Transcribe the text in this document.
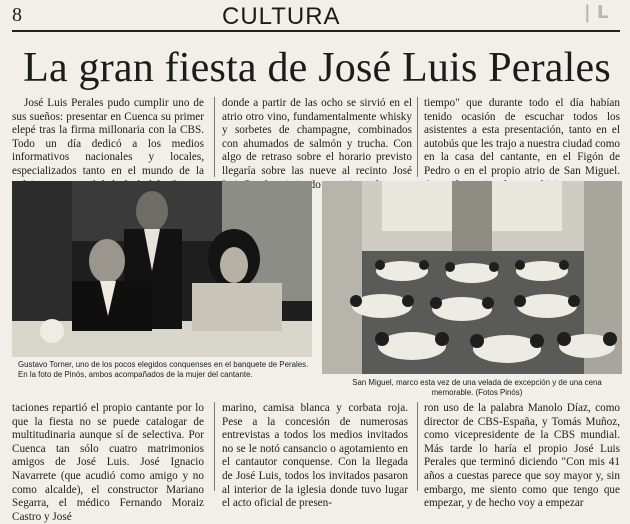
8	CULTURA	| L
La gran fiesta de José Luis Perales

José Luis Perales pudo cumplir uno de sus sueños: presentar en Cuenca su primer elepé tras la firma millonaria con la CBS. Todo un día dedicó a los medios informativos nacionales y locales, especializados tanto en el mundo de la

donde a partir de las ocho se sirvió en el atrio otro vino, fundamentalmente whisky y sorbetes de champagne, combinados con ahumados de salmón y trucha. Con algo de retraso sobre el horario previsto llegaría sobre las nueve al recinto José

tiempo" que durante todo el día habían tenido ocasión de escuchar todos los asistentes a esta presentación, tanto en el autobús que les trajo a nuestra ciudad como en la casa del cantante, en el Figón de Pedro o en el propio atrio de San Miguel.

Gustavo Torner, uno de los pocos elegidos conquenses en el banquete de Perales. En la foto de Pinós, ambos acompañados de la mujer del cantante.
San Miguel, marco esta vez de una velada de excepción y de una cena memorable. (Fotos Pinós)

taciones repartió el propio cantante por lo que la fiesta no se puede catalogar de multitudinaria aunque sí de selectiva. Por Cuenca tan sólo cuatro matrimonios amigos de José Luis. José Ignacio Navarrete (que acudió como amigo y no como alcalde), el constructor Mariano Segarra, el médico Fernando Moraiz Castro y José

marino, camisa blanca y corbata roja. Pese a la concesión de numerosas entrevistas a todos los medios invitados no se le notó cansancio o agotamiento en el cantautor conquense. Con la llegada de José Luis, todos los invitados pasaron al interior de la iglesia donde tuvo lugar el acto oficial de presen-

ron uso de la palabra Manolo Díaz, como director de CBS-España, y Tomás Muñoz, como vicepresidente de la CBS mundial. Más tarde lo haría el propio José Luis Perales que terminó diciendo "Con mis 41 años a cuestas parece que soy mayor y, sin embargo, me siento como que tengo que empezar, y de hecho voy a empezar
